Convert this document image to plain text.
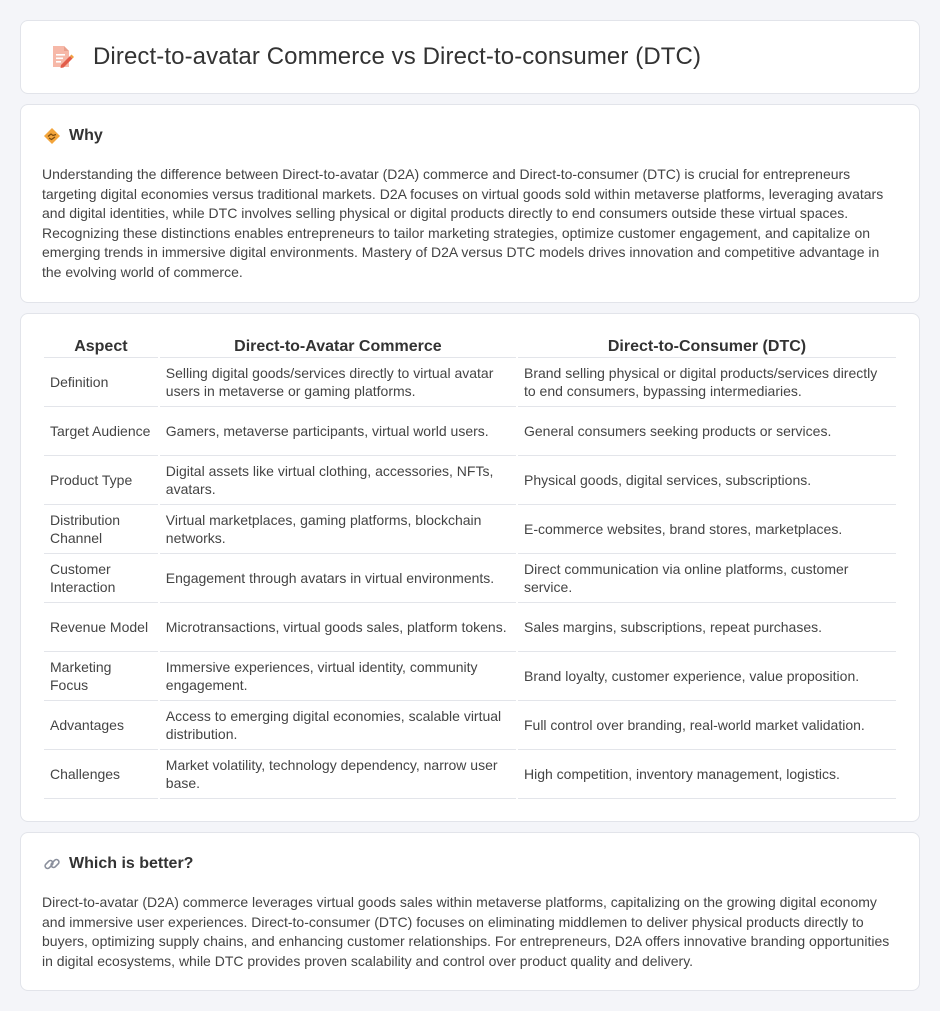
Direct-to-avatar Commerce vs Direct-to-consumer (DTC)
Why

Understanding the difference between Direct-to-avatar (D2A) commerce and Direct-to-consumer (DTC) is crucial for entrepreneurs targeting digital economies versus traditional markets. D2A focuses on virtual goods sold within metaverse platforms, leveraging avatars and digital identities, while DTC involves selling physical or digital products directly to end consumers outside these virtual spaces. Recognizing these distinctions enables entrepreneurs to tailor marketing strategies, optimize customer engagement, and capitalize on emerging trends in immersive digital environments. Mastery of D2A versus DTC models drives innovation and competitive advantage in the evolving world of commerce.

Aspect	Direct-to-Avatar Commerce	Direct-to-Consumer (DTC)
Definition	Selling digital goods/services directly to virtual avatar users in metaverse or gaming platforms.	Brand selling physical or digital products/services directly to end consumers, bypassing intermediaries.
Target Audience	Gamers, metaverse participants, virtual world users.	General consumers seeking products or services.
Product Type	Digital assets like virtual clothing, accessories, NFTs, avatars.	Physical goods, digital services, subscriptions.
Distribution Channel	Virtual marketplaces, gaming platforms, blockchain networks.	E-commerce websites, brand stores, marketplaces.
Customer Interaction	Engagement through avatars in virtual environments.	Direct communication via online platforms, customer service.
Revenue Model	Microtransactions, virtual goods sales, platform tokens.	Sales margins, subscriptions, repeat purchases.
Marketing Focus	Immersive experiences, virtual identity, community engagement.	Brand loyalty, customer experience, value proposition.
Advantages	Access to emerging digital economies, scalable virtual distribution.	Full control over branding, real-world market validation.
Challenges	Market volatility, technology dependency, narrow user base.	High competition, inventory management, logistics.
Which is better?

Direct-to-avatar (D2A) commerce leverages virtual goods sales within metaverse platforms, capitalizing on the growing digital economy and immersive user experiences. Direct-to-consumer (DTC) focuses on eliminating middlemen to deliver physical products directly to buyers, optimizing supply chains, and enhancing customer relationships. For entrepreneurs, D2A offers innovative branding opportunities in digital ecosystems, while DTC provides proven scalability and control over product quality and delivery.
